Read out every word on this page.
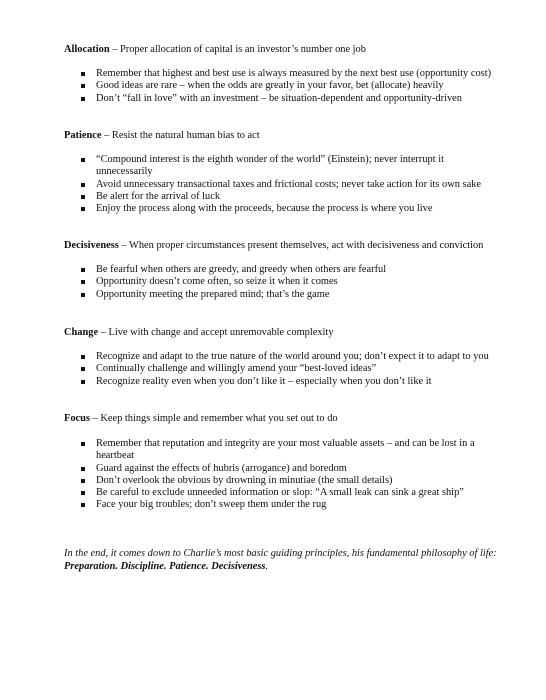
Allocation – Proper allocation of capital is an investor’s number one job

Remember that highest and best use is always measured by the next best use (opportunity cost)
Good ideas are rare – when the odds are greatly in your favor, bet (allocate) heavily
Don’t “fall in love” with an investment – be situation-dependent and opportunity-driven

Patience – Resist the natural human bias to act

“Compound interest is the eighth wonder of the world” (Einstein); never interrupt it unnecessarily
Avoid unnecessary transactional taxes and frictional costs; never take action for its own sake
Be alert for the arrival of luck
Enjoy the process along with the proceeds, because the process is where you live

Decisiveness – When proper circumstances present themselves, act with decisiveness and conviction

Be fearful when others are greedy, and greedy when others are fearful
Opportunity doesn’t come often, so seize it when it comes
Opportunity meeting the prepared mind; that’s the game

Change – Live with change and accept unremovable complexity

Recognize and adapt to the true nature of the world around you; don’t expect it to adapt to you
Continually challenge and willingly amend your “best-loved ideas”
Recognize reality even when you don’t like it – especially when you don’t like it

Focus – Keep things simple and remember what you set out to do

Remember that reputation and integrity are your most valuable assets – and can be lost in a heartbeat
Guard against the effects of hubris (arrogance) and boredom
Don’t overlook the obvious by drowning in minutiae (the small details)
Be careful to exclude unneeded information or slop: “A small leak can sink a great ship”
Face your big troubles; don’t sweep them under the rug

In the end, it comes down to Charlie’s most basic guiding principles, his fundamental philosophy of life: Preparation. Discipline. Patience. Decisiveness.
